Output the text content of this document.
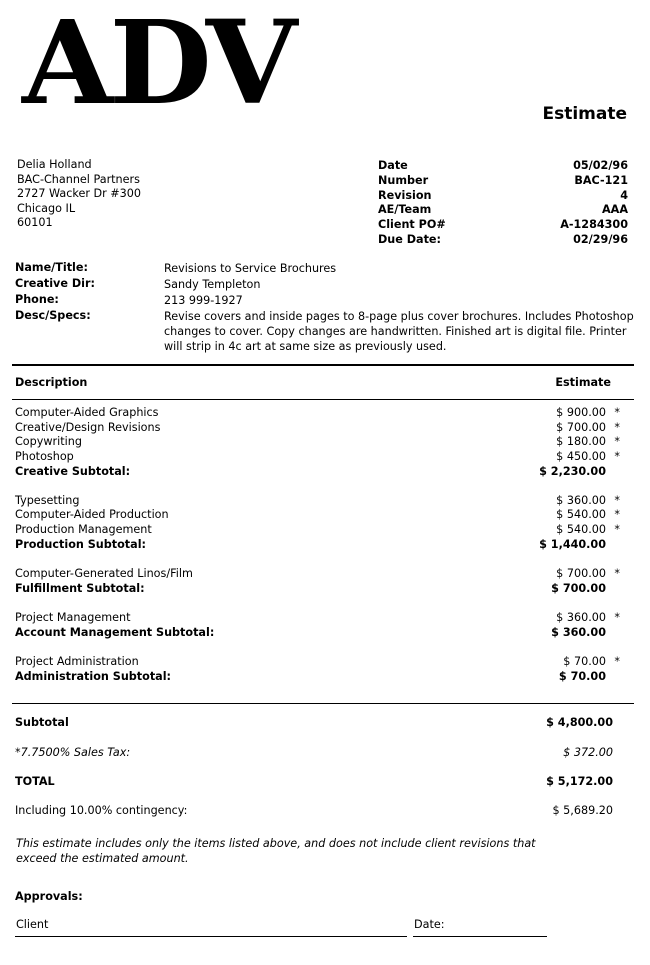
ADV	Estimate
Delia Holland
BAC-Channel Partners
2727 Wacker Dr #300
Chicago IL
60101
Date	05/02/96
Number	BAC-121
Revision	4
AE/Team	AAA
Client PO#	A-1284300
Due Date:	02/29/96
Name/Title:	Revisions to Service Brochures
Creative Dir:	Sandy Templeton
Phone:	213 999-1927
Desc/Specs:	Revise covers and inside pages to 8-page plus cover brochures. Includes Photoshop changes to cover. Copy changes are handwritten. Finished art is digital file. Printer will strip in 4c art at same size as previously used.
Description	Estimate
Computer-Aided Graphics	$ 900.00 *
Creative/Design Revisions	$ 700.00 *
Copywriting	$ 180.00 *
Photoshop	$ 450.00 *
Creative Subtotal:	$ 2,230.00
Typesetting	$ 360.00 *
Computer-Aided Production	$ 540.00 *
Production Management	$ 540.00 *
Production Subtotal:	$ 1,440.00
Computer-Generated Linos/Film	$ 700.00 *
Fulfillment Subtotal:	$ 700.00
Project Management	$ 360.00 *
Account Management Subtotal:	$ 360.00
Project Administration	$ 70.00 *
Administration Subtotal:	$ 70.00
Subtotal	$ 4,800.00
*7.7500% Sales Tax:	$ 372.00
TOTAL	$ 5,172.00
Including 10.00% contingency:	$ 5,689.20
This estimate includes only the items listed above, and does not include client revisions that exceed the estimated amount.
Approvals:
Client	Date:
